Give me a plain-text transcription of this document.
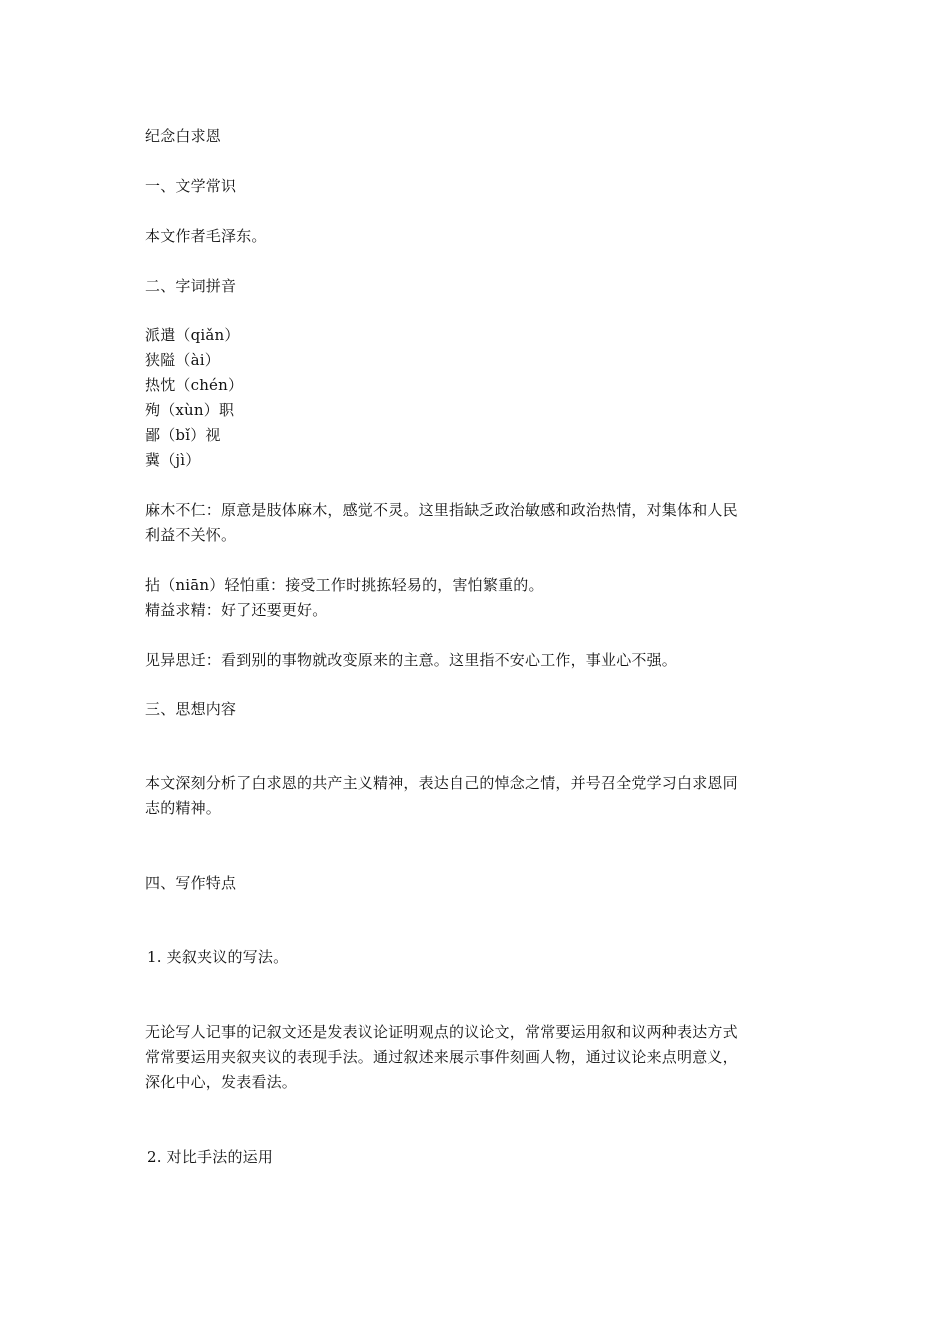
纪念白求恩
一、文学常识
本文作者毛泽东。
二、字词拼音
派遣（qiǎn）
狭隘（ài）
热忱（chén）
殉（xùn）职
鄙（bǐ）视
冀（jì）
麻木不仁：原意是肢体麻木，感觉不灵。这里指缺乏政治敏感和政治热情，对集体和人民
利益不关怀。
拈（niān）轻怕重：接受工作时挑拣轻易的，害怕繁重的。
精益求精：好了还要更好。
见异思迁：看到别的事物就改变原来的主意。这里指不安心工作，事业心不强。
三、思想内容
本文深刻分析了白求恩的共产主义精神，表达自己的悼念之情，并号召全党学习白求恩同
志的精神。
四、写作特点
1. 夹叙夹议的写法。
无论写人记事的记叙文还是发表议论证明观点的议论文，常常要运用叙和议两种表达方式
常常要运用夹叙夹议的表现手法。通过叙述来展示事件刻画人物，通过议论来点明意义，
深化中心，发表看法。
2. 对比手法的运用
